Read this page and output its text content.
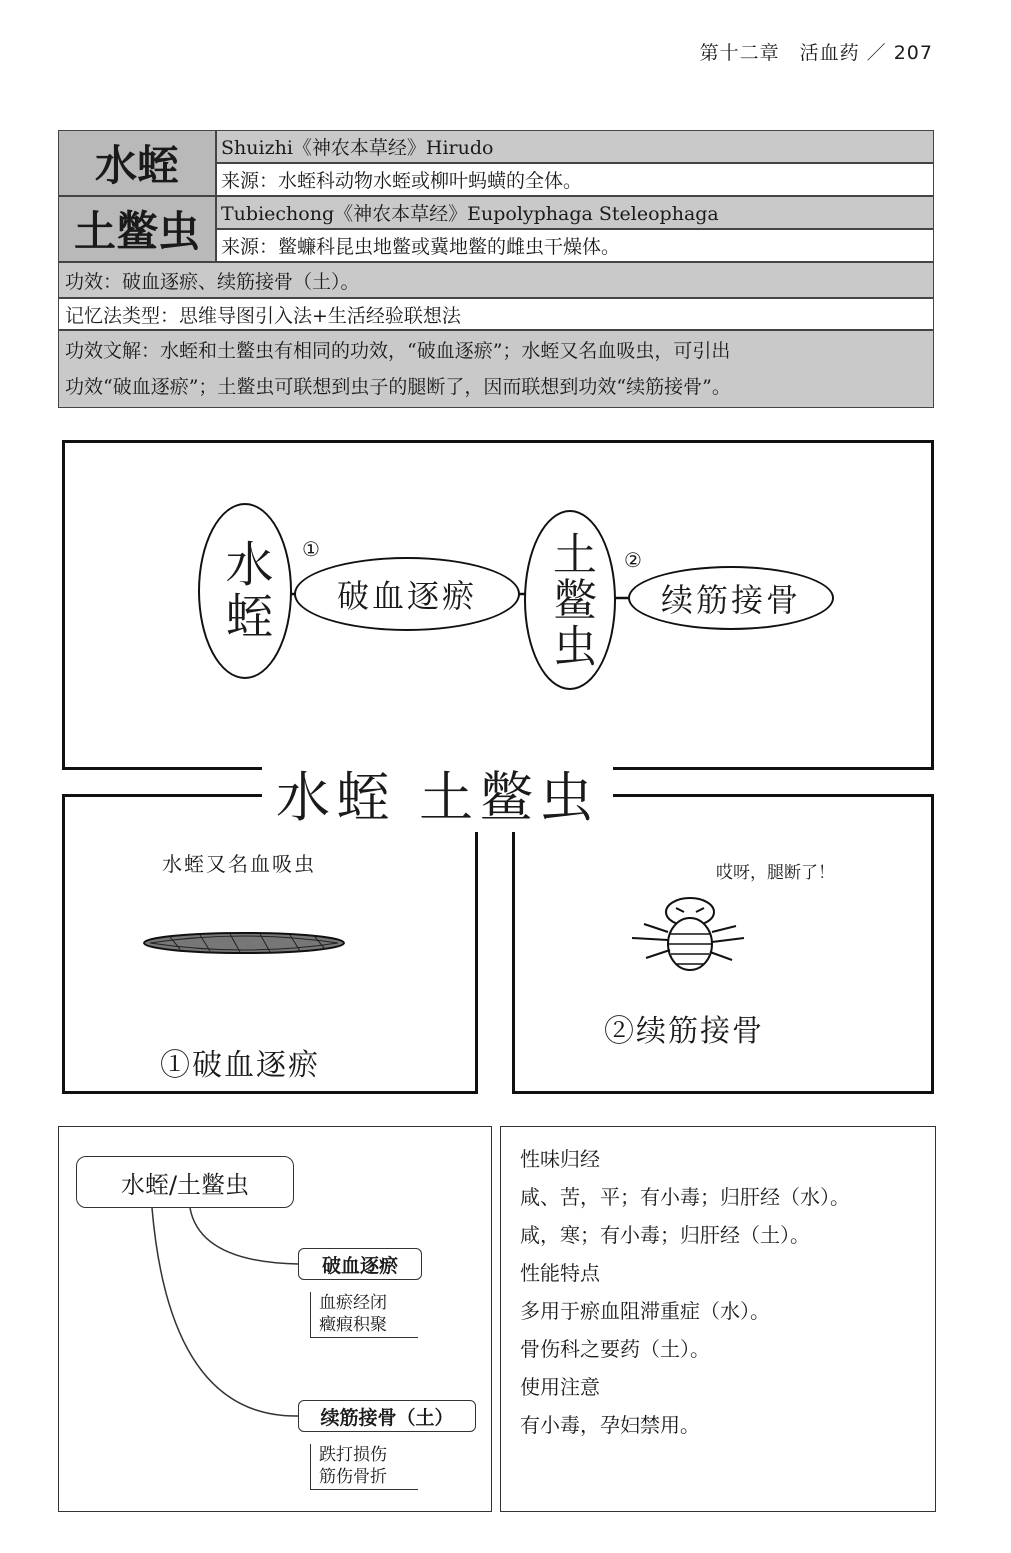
第十二章　活血药 ／ 207
水蛭
土鳖虫
Shuizhi《神农本草经》Hirudo
来源：水蛭科动物水蛭或柳叶蚂蟥的全体。
Tubiechong《神农本草经》Eupolyphaga Steleophaga
来源：鳖蠊科昆虫地鳖或冀地鳖的雌虫干燥体。
功效：破血逐瘀、续筋接骨（土）。
记忆法类型：思维导图引入法+生活经验联想法
功效文解：水蛭和土鳖虫有相同的功效，“破血逐瘀”；水蛭又名血吸虫，可引出
功效“破血逐瘀”；土鳖虫可联想到虫子的腿断了，因而联想到功效“续筋接骨”。
水蛭 ①
破血逐瘀	土鳖虫	②
续筋接骨
水蛭 土鳖虫
水蛭又名血吸虫
①破血逐瘀
哎呀，腿断了！
②续筋接骨
水蛭/土鳖虫
破血逐瘀
血瘀经闭
癥瘕积聚
续筋接骨（土）
跌打损伤
筋伤骨折
性味归经
咸、苦，平；有小毒；归肝经（水）。
咸，寒；有小毒；归肝经（土）。
性能特点
多用于瘀血阻滞重症（水）。
骨伤科之要药（土）。
使用注意
有小毒，孕妇禁用。
